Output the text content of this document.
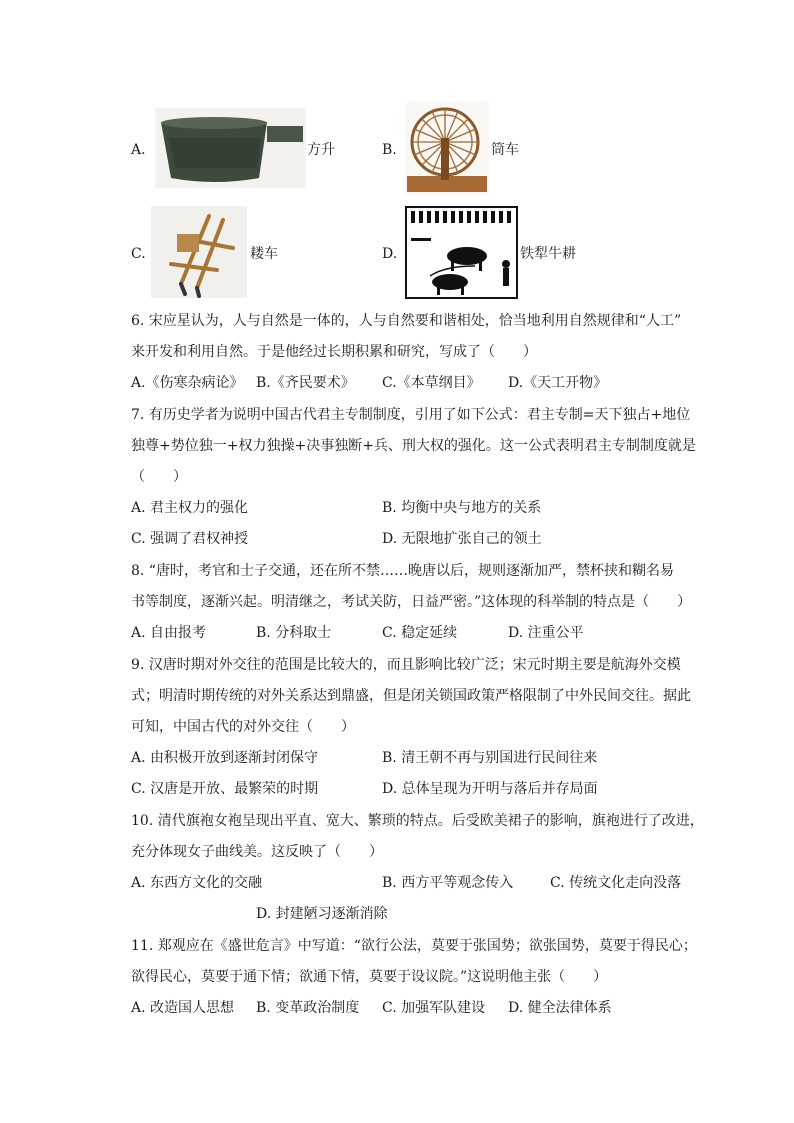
A.	方升	B.	筒车
C.	耧车	D.	铁犁牛耕
6. 宋应星认为，人与自然是一体的，人与自然要和谐相处，恰当地利用自然规律和“人工”
来开发和利用自然。于是他经过长期积累和研究，写成了（　　）
A.《伤寒杂病论》 B.《齐民要术》 C.《本草纲目》 D.《天工开物》
7. 有历史学者为说明中国古代君主专制制度，引用了如下公式：君主专制=天下独占+地位
独尊+势位独一+权力独操+决事独断+兵、刑大权的强化。这一公式表明君主专制制度就是
（　　）
A. 君主权力的强化	B. 均衡中央与地方的关系
C. 强调了君权神授	D. 无限地扩张自己的领土
8. “唐时，考官和士子交通，还在所不禁……晚唐以后，规则逐渐加严，禁杯挟和糊名易
书等制度，逐渐兴起。明清继之，考试关防，日益严密。”这体现的科举制的特点是（　　）
A. 自由报考	B. 分科取士	C. 稳定延续	D. 注重公平
9. 汉唐时期对外交往的范围是比较大的，而且影响比较广泛；宋元时期主要是航海外交模
式；明清时期传统的对外关系达到鼎盛，但是闭关锁国政策严格限制了中外民间交往。据此
可知，中国古代的对外交往（　　）
A. 由积极开放到逐渐封闭保守	B. 清王朝不再与别国进行民间往来
C. 汉唐是开放、最繁荣的时期	D. 总体呈现为开明与落后并存局面
10. 清代旗袍女袍呈现出平直、宽大、繁琐的特点。后受欧美裙子的影响，旗袍进行了改进，
充分体现女子曲线美。这反映了（　　）
A. 东西方文化的交融	B. 西方平等观念传入	C. 传统文化走向没落
D. 封建陋习逐渐消除
11. 郑观应在《盛世危言》中写道：“欲行公法，莫要于张国势；欲张国势，莫要于得民心；
欲得民心，莫要于通下情；欲通下情，莫要于设议院。”这说明他主张（　　）
A. 改造国人思想 B. 变革政治制度 C. 加强军队建设 D. 健全法律体系
